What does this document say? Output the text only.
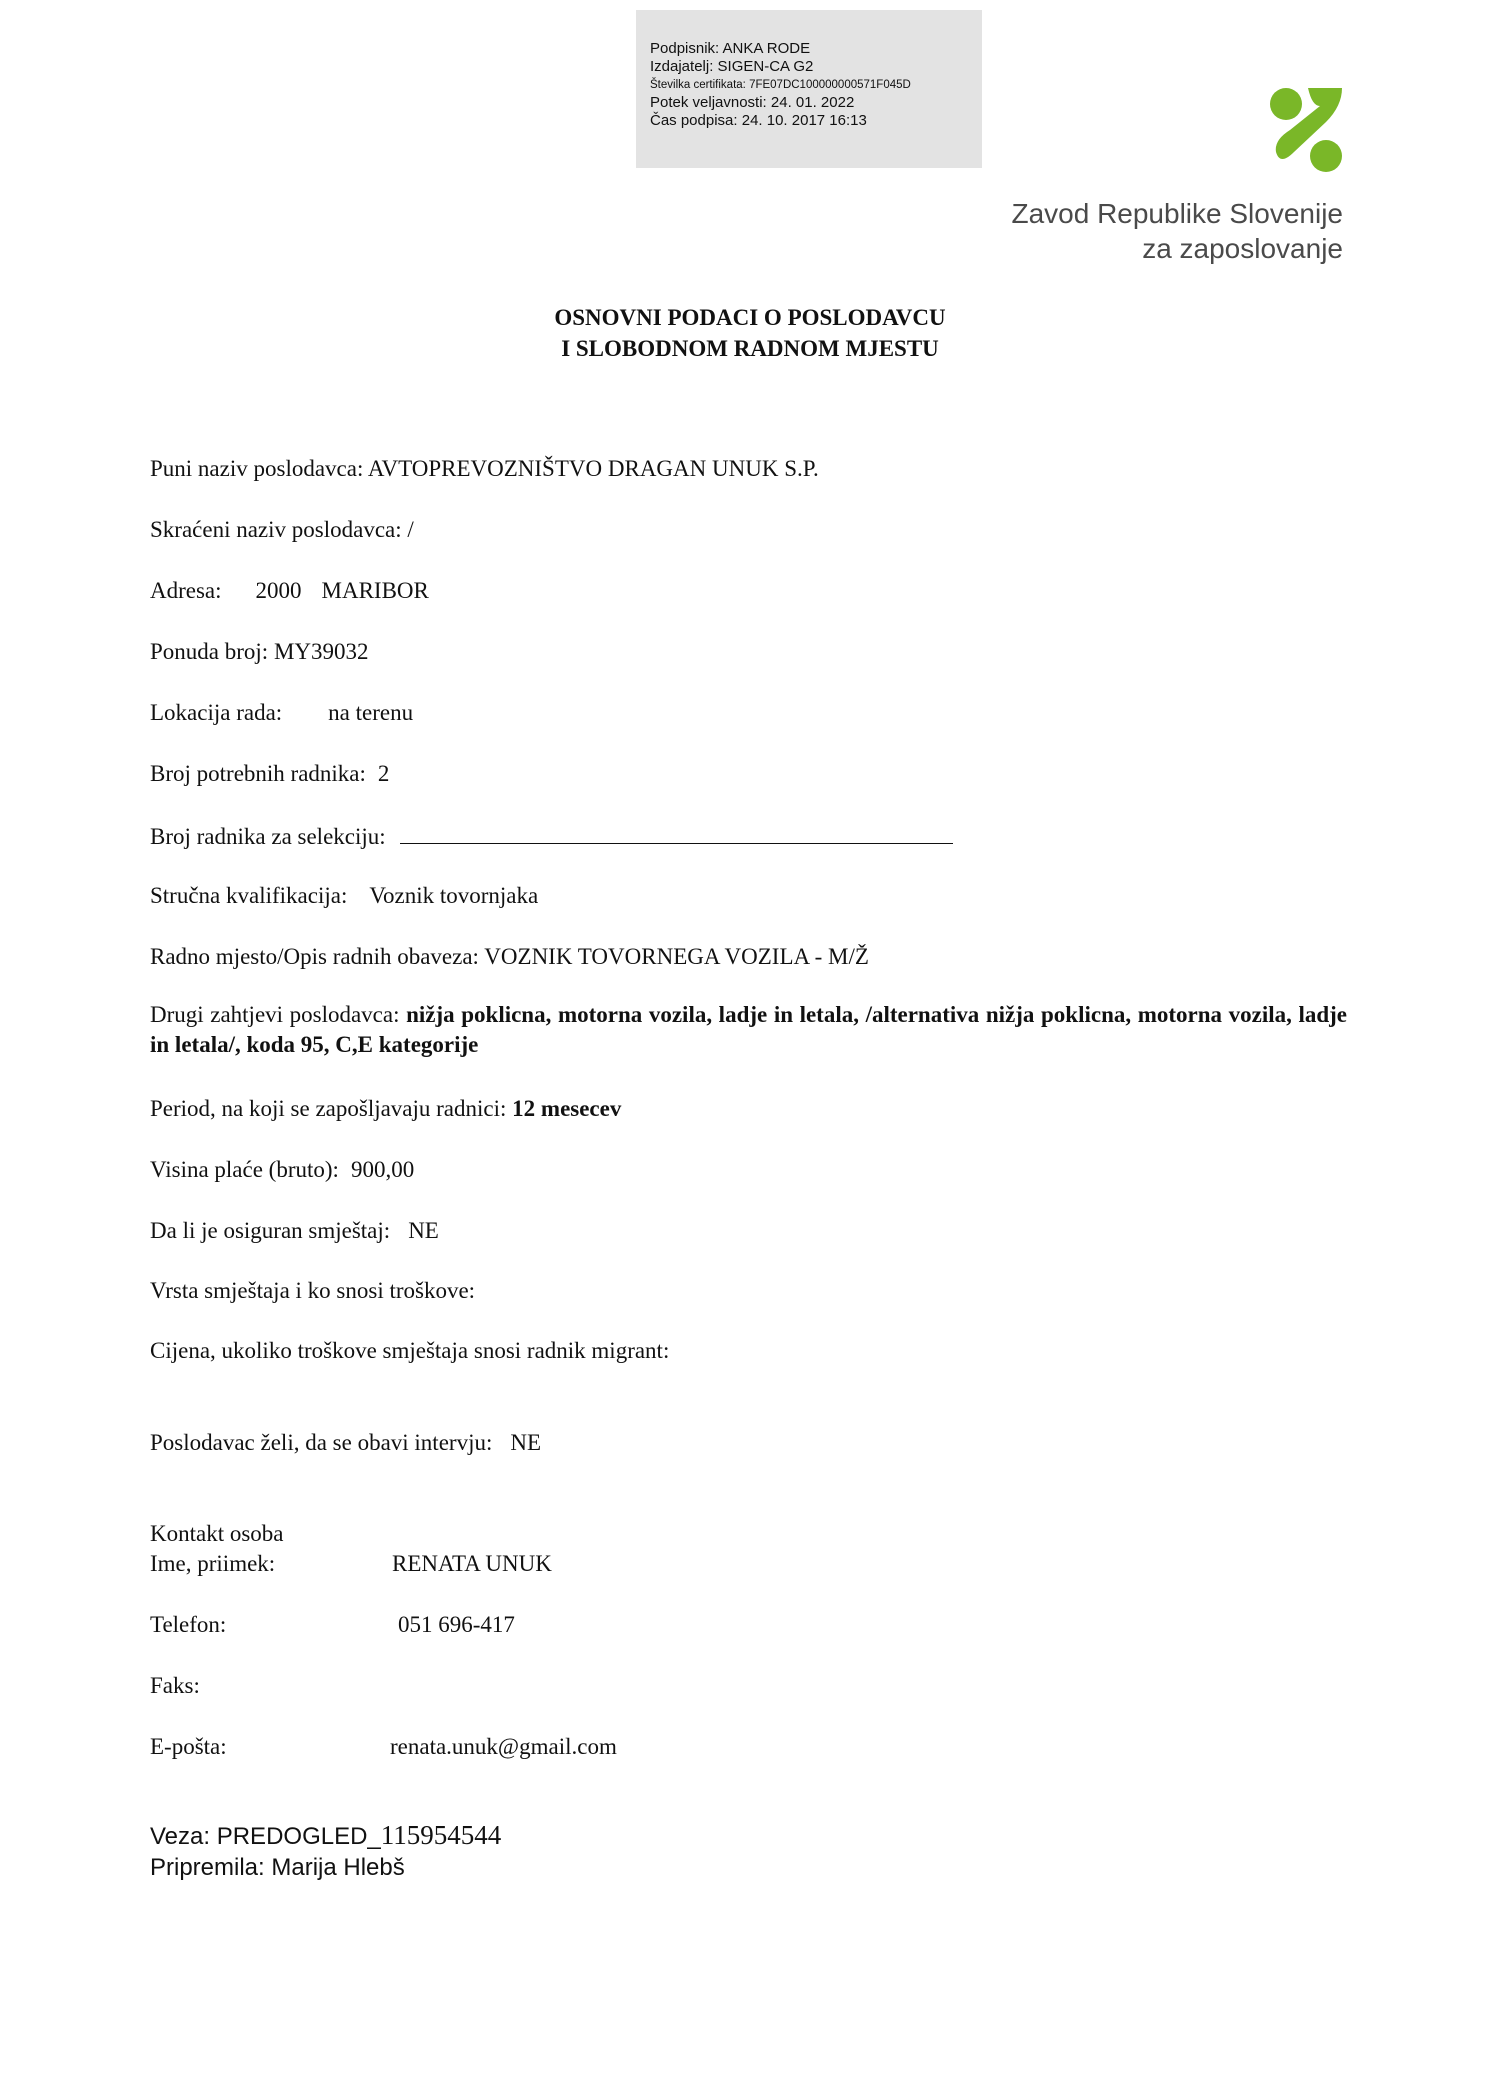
Podpisnik: ANKA RODE
Izdajatelj: SIGEN-CA G2
Številka certifikata: 7FE07DC100000000571F045D
Potek veljavnosti: 24. 01. 2022
Čas podpisa: 24. 10. 2017 16:13
Zavod Republike Slovenije
za zaposlovanje
OSNOVNI PODACI O POSLODAVCU
I SLOBODNOM RADNOM MJESTU
Puni naziv poslodavca: AVTOPREVOZNIŠTVO DRAGAN UNUK S.P.
Skraćeni naziv poslodavca: /
Adresa: 2000 MARIBOR
Ponuda broj: MY39032
Lokacija rada: na terenu
Broj potrebnih radnika: 2
Broj radnika za selekciju:
Stručna kvalifikacija: Voznik tovornjaka
Radno mjesto/Opis radnih obaveza: VOZNIK TOVORNEGA VOZILA - M/Ž
Drugi zahtjevi poslodavca: nižja poklicna, motorna vozila, ladje in letala, /alternativa nižja poklicna, motorna vozila, ladje in letala/, koda 95, C,E kategorije
Period, na koji se zapošljavaju radnici: 12 mesecev
Visina plaće (bruto): 900,00
Da li je osiguran smještaj: NE
Vrsta smještaja i ko snosi troškove:
Cijena, ukoliko troškove smještaja snosi radnik migrant:
Poslodavac želi, da se obavi intervju: NE
Kontakt osoba
Ime, priimek:	RENATA UNUK
Telefon:	051 696-417
Faks:
E-pošta:	renata.unuk@gmail.com
Veza: PREDOGLED_115954544
Pripremila: Marija Hlebš
